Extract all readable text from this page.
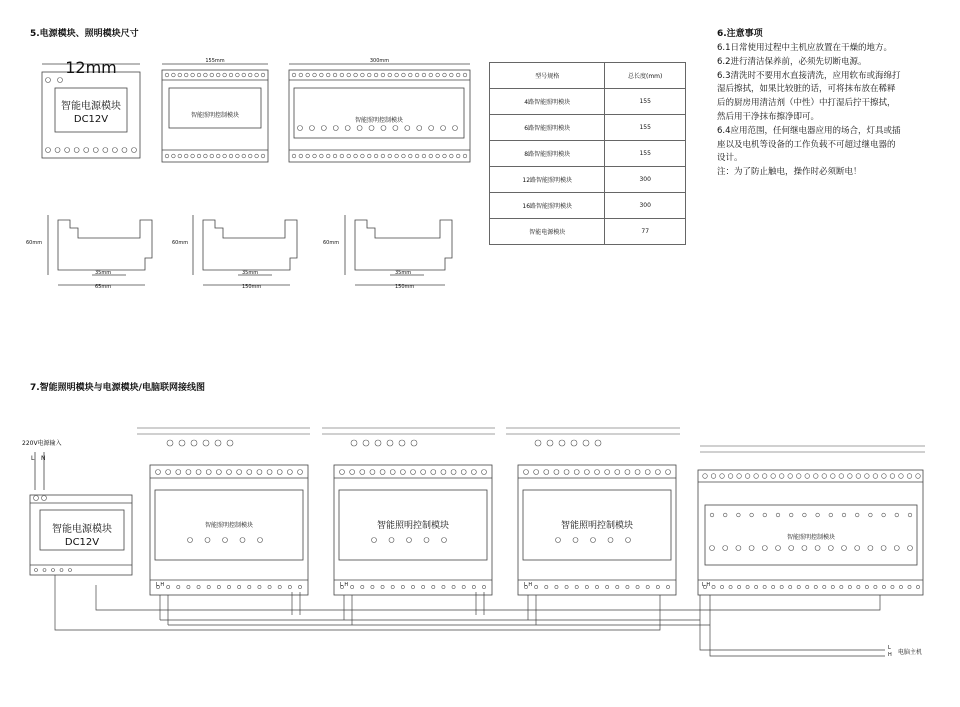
5.电源模块、照明模块尺寸	6.注意事项
7.智能照明模块与电源模块/电脑联网接线图

6.1日常使用过程中主机应放置在干燥的地方。

6.2进行清洁保养前，必须先切断电源。

6.3清洗时不要用水直接清洗，应用软布或海绵打

湿后擦拭，如果比较脏的话，可将抹布放在稀释

后的厨房用清洁剂（中性）中打湿后拧干擦拭，

然后用干净抹布擦净即可。

6.4应用范围，任何继电器应用的场合，灯具或插

座以及电机等设备的工作负载不可超过继电器的

设计。

注：为了防止触电，操作时必须断电！

型号规格	总长度(mm)
4路智能照明模块	155
6路智能照明模块	155
8路智能照明模块	155
12路智能照明模块	300
16路智能照明模块	300
智能电源模块	77
12mm	155mm	300mm
智能电源模块
DC12V	智能照明控制模块
智能照明控制模块
60mm
35mm
65mm
60mm
35mm
150mm
60mm
35mm
150mm
220V电源输入
L N
智能电源模块
DC12V
智能照明控制模块	智能照明控制模块	智能照明控制模块
智能照明控制模块
L H	L H	L H	L H
L
H 电脑主机
